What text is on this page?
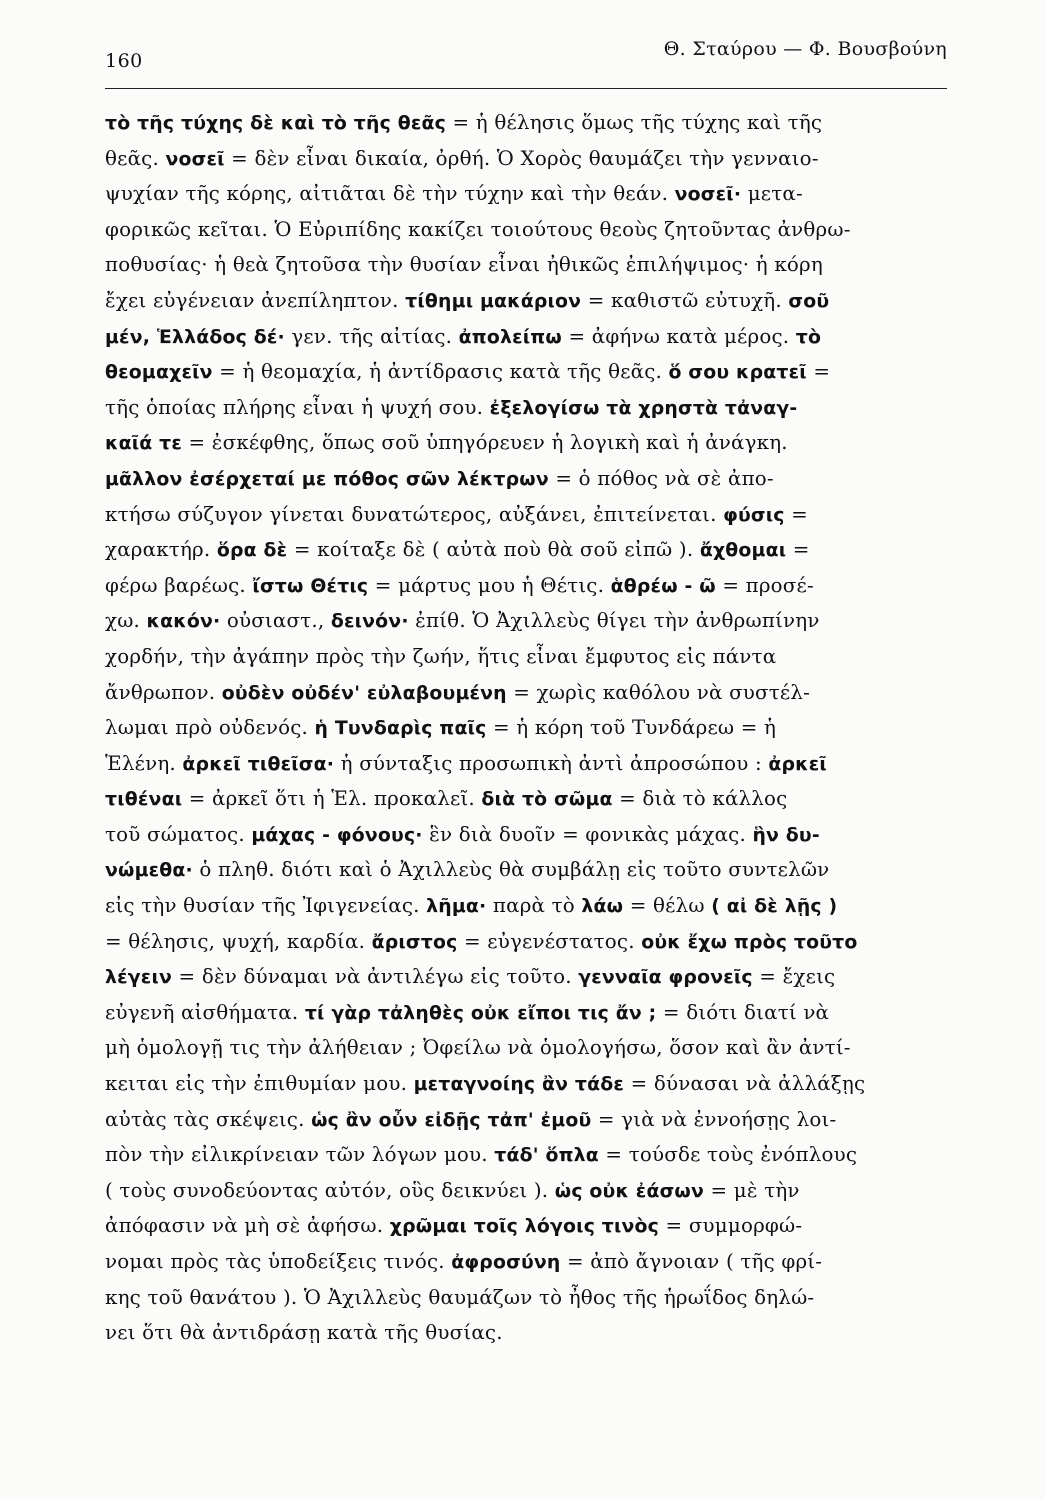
160
Θ. Σταύρου — Φ. Βουσβούνη
τὸ τῆς τύχης δὲ καὶ τὸ τῆς θεᾶς = ἡ θέλησις ὅμως τῆς τύχης καὶ τῆς
θεᾶς. νοσεῖ = δὲν εἶναι δικαία, ὀρθή. Ὁ Χορὸς θαυμάζει τὴν γενναιο-
ψυχίαν τῆς κόρης, αἰτιᾶται δὲ τὴν τύχην καὶ τὴν θεάν. νοσεῖ· μετα-
φορικῶς κεῖται. Ὁ Εὐριπίδης κακίζει τοιούτους θεοὺς ζητοῦντας ἀνθρω-
ποθυσίας· ἡ θεὰ ζητοῦσα τὴν θυσίαν εἶναι ἠθικῶς ἐπιλήψιμος· ἡ κόρη
ἔχει εὐγένειαν ἀνεπίληπτον. τίθημι μακάριον = καθιστῶ εὐτυχῆ. σοῦ
μέν, Ἑλλάδος δέ· γεν. τῆς αἰτίας. ἀπολείπω = ἀφήνω κατὰ μέρος. τὸ
θεομαχεῖν = ἡ θεομαχία, ἡ ἀντίδρασις κατὰ τῆς θεᾶς. ὅ σου κρατεῖ =
τῆς ὁποίας πλήρης εἶναι ἡ ψυχή σου. ἐξελογίσω τὰ χρηστὰ τἀναγ-
καῖά τε = ἐσκέφθης, ὅπως σοῦ ὑπηγόρευεν ἡ λογικὴ καὶ ἡ ἀνάγκη.
μᾶλλον ἐσέρχεταί με πόθος σῶν λέκτρων = ὁ πόθος νὰ σὲ ἀπο-
κτήσω σύζυγον γίνεται δυνατώτερος, αὐξάνει, ἐπιτείνεται. φύσις =
χαρακτήρ. ὅρα δὲ = κοίταξε δὲ ( αὐτὰ ποὺ θὰ σοῦ εἰπῶ ). ἄχθομαι =
φέρω βαρέως. ἴστω Θέτις = μάρτυς μου ἡ Θέτις. ἁθρέω - ῶ = προσέ-
χω. κακόν· οὐσιαστ., δεινόν· ἐπίθ. Ὁ Ἀχιλλεὺς θίγει τὴν ἀνθρωπίνην
χορδήν, τὴν ἀγάπην πρὸς τὴν ζωήν, ἥτις εἶναι ἔμφυτος εἰς πάντα
ἄνθρωπον. οὐδὲν οὐδέν' εὐλαβουμένη = χωρὶς καθόλου νὰ συστέλ-
λωμαι πρὸ οὐδενός. ἡ Τυνδαρὶς παῖς = ἡ κόρη τοῦ Τυνδάρεω = ἡ
Ἑλένη. ἀρκεῖ τιθεῖσα· ἡ σύνταξις προσωπικὴ ἀντὶ ἀπροσώπου : ἀρκεῖ
τιθέναι = ἀρκεῖ ὅτι ἡ Ἑλ. προκαλεῖ. διὰ τὸ σῶμα = διὰ τὸ κάλλος
τοῦ σώματος. μάχας - φόνους· ἓν διὰ δυοῖν = φονικὰς μάχας. ἣν δυ-
νώμεθα· ὁ πληθ. διότι καὶ ὁ Ἀχιλλεὺς θὰ συμβάλῃ εἰς τοῦτο συντελῶν
εἰς τὴν θυσίαν τῆς Ἰφιγενείας. λῆμα· παρὰ τὸ λάω = θέλω ( αἰ δὲ λῇς )
= θέλησις, ψυχή, καρδία. ἄριστος = εὐγενέστατος. οὐκ ἔχω πρὸς τοῦτο
λέγειν = δὲν δύναμαι νὰ ἀντιλέγω εἰς τοῦτο. γενναῖα φρονεῖς = ἔχεις
εὐγενῆ αἰσθήματα. τί γὰρ τἀληθὲς οὐκ εἴποι τις ἄν ; = διότι διατί νὰ
μὴ ὁμολογῇ τις τὴν ἀλήθειαν ; Ὀφείλω νὰ ὁμολογήσω, ὅσον καὶ ἂν ἀντί-
κειται εἰς τὴν ἐπιθυμίαν μου. μεταγνοίης ἂν τάδε = δύνασαι νὰ ἀλλάξῃς
αὐτὰς τὰς σκέψεις. ὡς ἂν οὖν εἰδῇς τἀπ' ἐμοῦ = γιὰ νὰ ἐννοήσῃς λοι-
πὸν τὴν εἰλικρίνειαν τῶν λόγων μου. τάδ' ὅπλα = τούσδε τοὺς ἐνόπλους
( τοὺς συνοδεύοντας αὐτόν, οὓς δεικνύει ). ὡς οὐκ ἐάσων = μὲ τὴν
ἀπόφασιν νὰ μὴ σὲ ἀφήσω. χρῶμαι τοῖς λόγοις τινὸς = συμμορφώ-
νομαι πρὸς τὰς ὑποδείξεις τινός. ἀφροσύνη = ἀπὸ ἄγνοιαν ( τῆς φρί-
κης τοῦ θανάτου ). Ὁ Ἀχιλλεὺς θαυμάζων τὸ ἦθος τῆς ἡρωΐδος δηλώ-
νει ὅτι θὰ ἀντιδράσῃ κατὰ τῆς θυσίας.
